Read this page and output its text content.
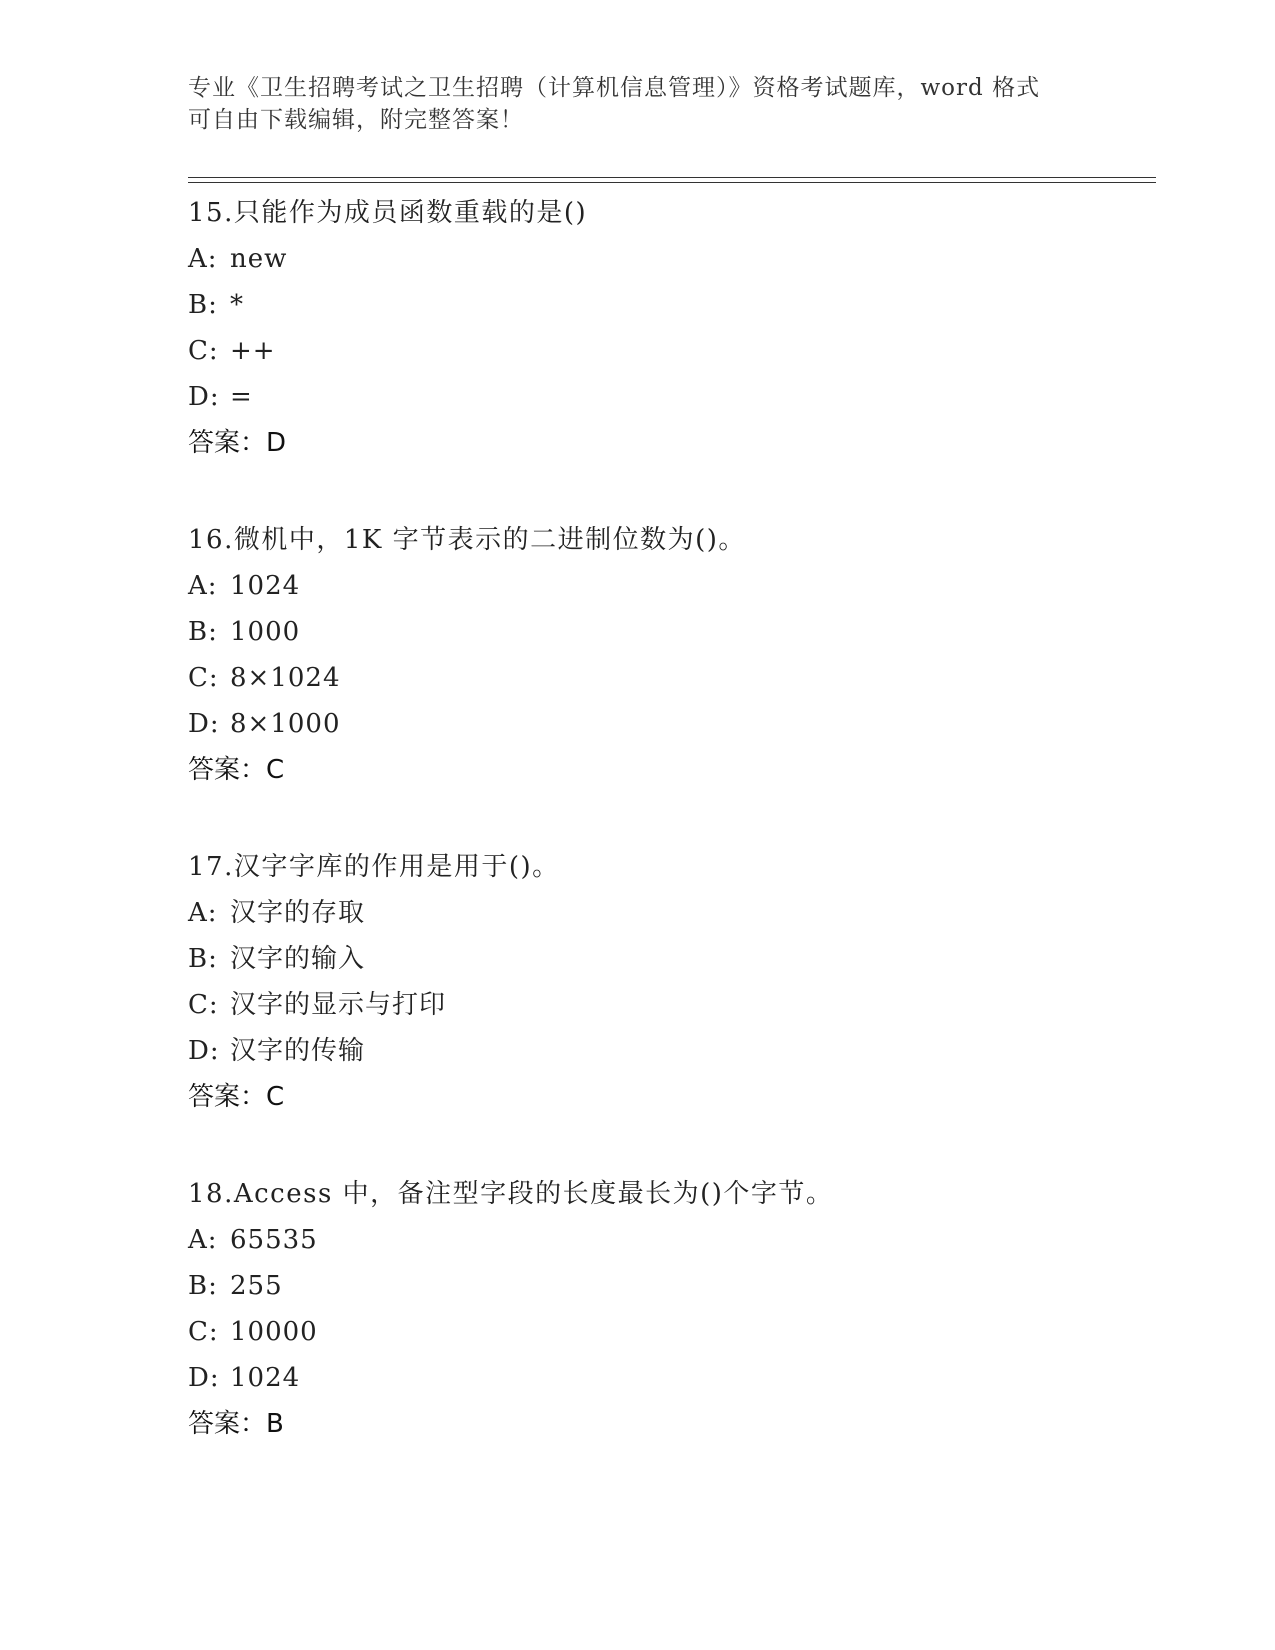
专业《卫生招聘考试之卫生招聘（计算机信息管理）》资格考试题库，word 格式
可自由下载编辑，附完整答案！
15.只能作为成员函数重载的是()
A: new
B: *
C: ++
D: =
答案：D
16.微机中，1K 字节表示的二进制位数为()。
A: 1024
B: 1000
C: 8×1024
D: 8×1000
答案：C
17.汉字字库的作用是用于()。
A: 汉字的存取
B: 汉字的输入
C: 汉字的显示与打印
D: 汉字的传输
答案：C
18.Access 中，备注型字段的长度最长为()个字节。
A: 65535
B: 255
C: 10000
D: 1024
答案：B
